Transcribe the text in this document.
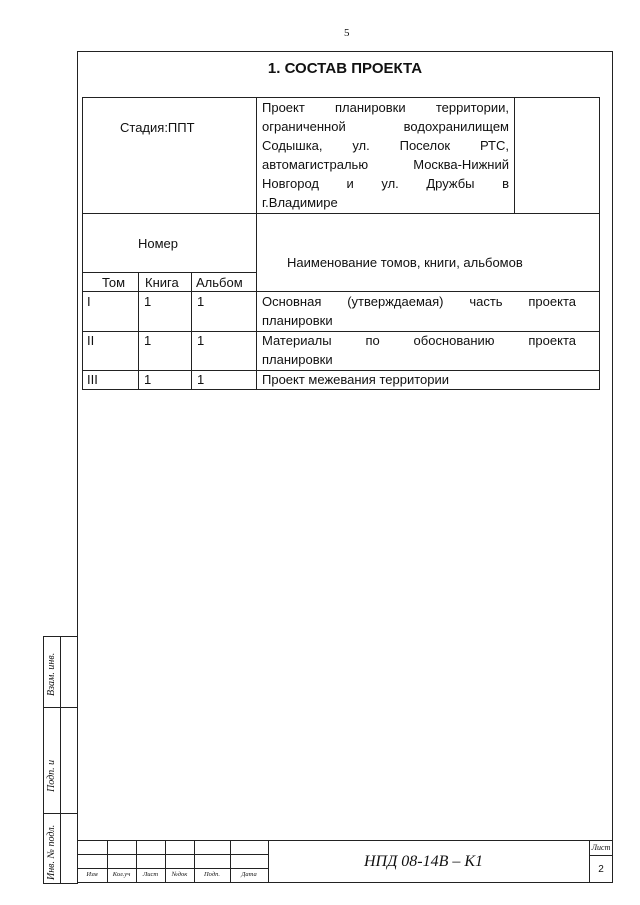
5
1. СОСТАВ ПРОЕКТА
Стадия:ППТ
Проект планировки территории,
ограниченной водохранилищем
Содышка, ул. Поселок РТС,
автомагистралью Москва-Нижний
Новгород и ул. Дружбы в
г.Владимире
Номер
Том Книга Альбом
Наименование томов, книги, альбомов
I	1	1	Основная (утверждаемая) часть проекта
планировки
II	1	1	Материалы по обоснованию проекта
планировки
III	1	1	Проект межевания территории
Взам. инв.
Подп. и
Инв. № подл.	Изм	Кол.уч	Лист	№док	Подп.	Дата
НПД 08-14В – К1
Лист
2
